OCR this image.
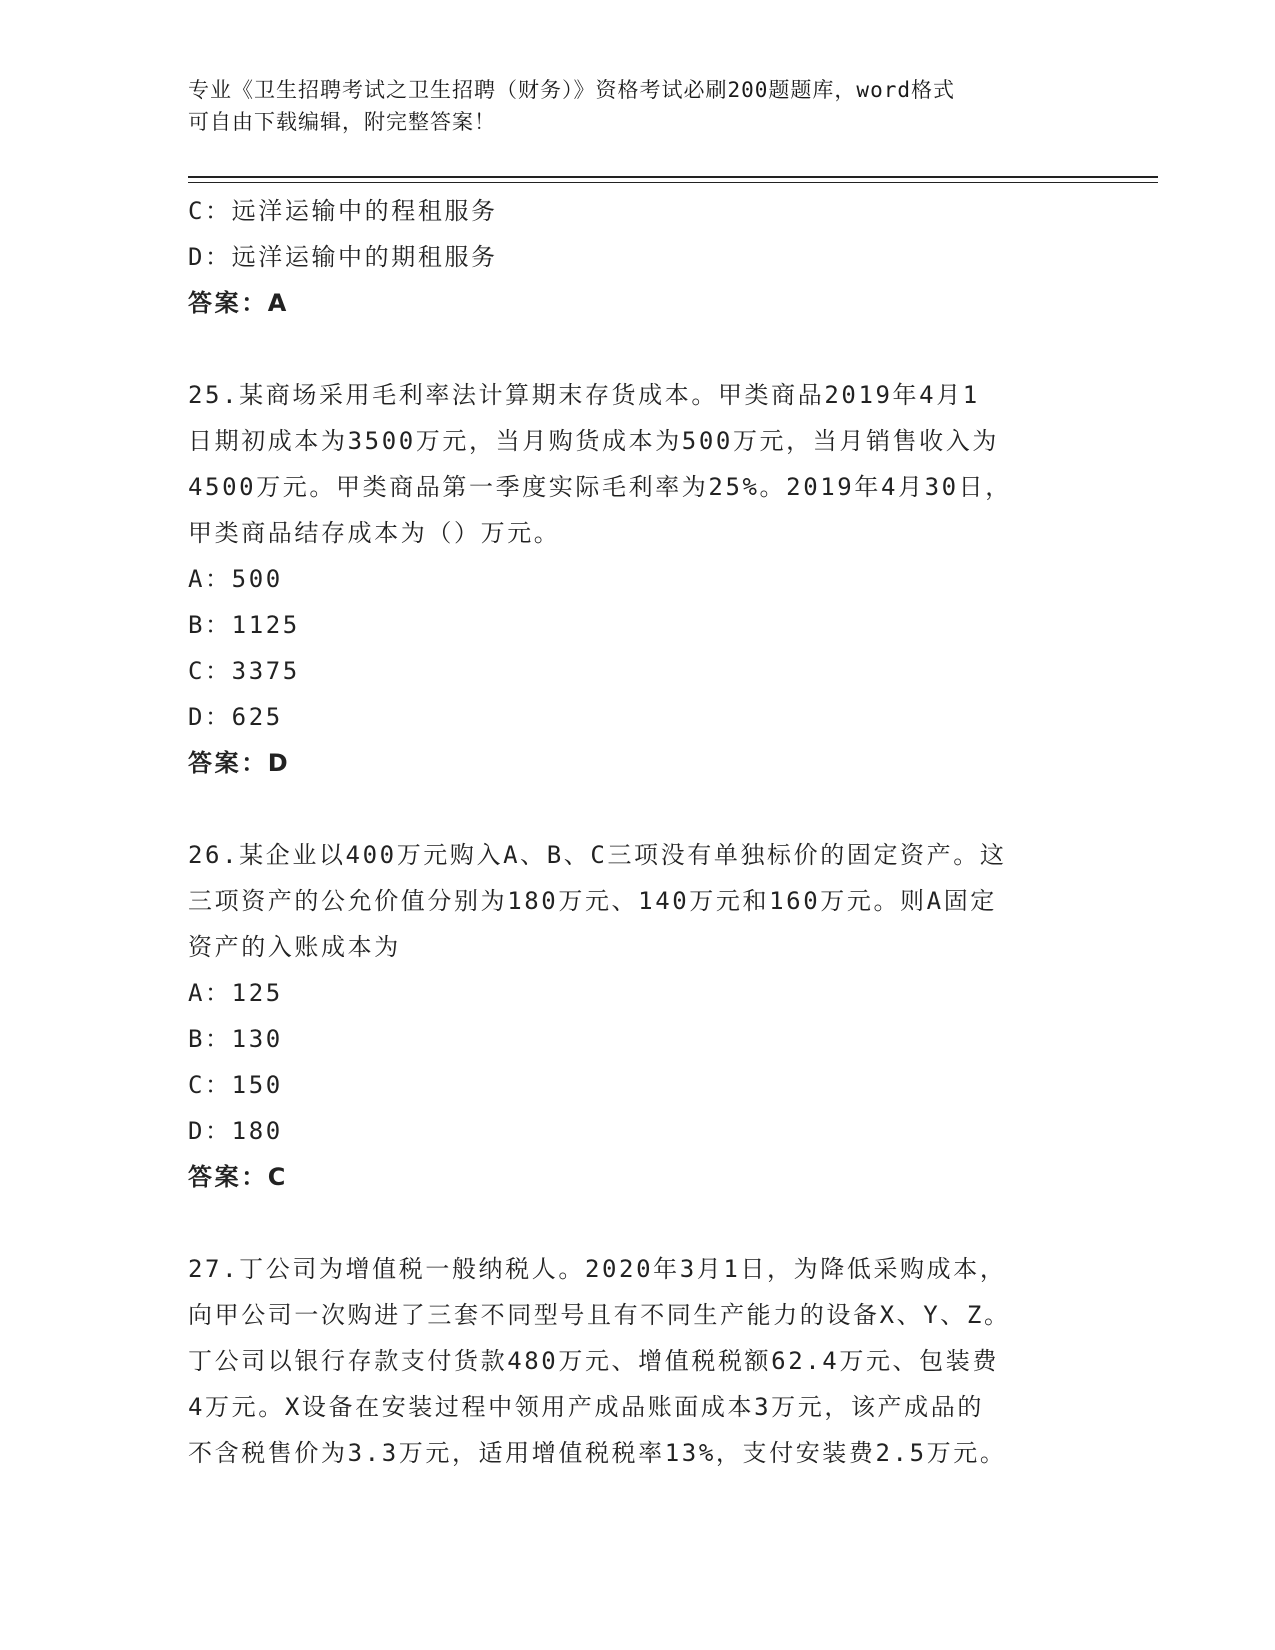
专业《卫生招聘考试之卫生招聘（财务）》资格考试必刷200题题库，word格式
可自由下载编辑，附完整答案！
C：远洋运输中的程租服务
D：远洋运输中的期租服务
答案：A
25.某商场采用毛利率法计算期末存货成本。甲类商品2019年4月1
日期初成本为3500万元，当月购货成本为500万元，当月销售收入为
4500万元。甲类商品第一季度实际毛利率为25%。2019年4月30日，
甲类商品结存成本为（）万元。
A：500
B：1125
C：3375
D：625
答案：D
26.某企业以400万元购入A、B、C三项没有单独标价的固定资产。这
三项资产的公允价值分别为180万元、140万元和160万元。则A固定
资产的入账成本为
A：125
B：130
C：150
D：180
答案：C
27.丁公司为增值税一般纳税人。2020年3月1日，为降低采购成本，
向甲公司一次购进了三套不同型号且有不同生产能力的设备X、Y、Z。
丁公司以银行存款支付货款480万元、增值税税额62.4万元、包装费
4万元。X设备在安装过程中领用产成品账面成本3万元，该产成品的
不含税售价为3.3万元，适用增值税税率13%，支付安装费2.5万元。
